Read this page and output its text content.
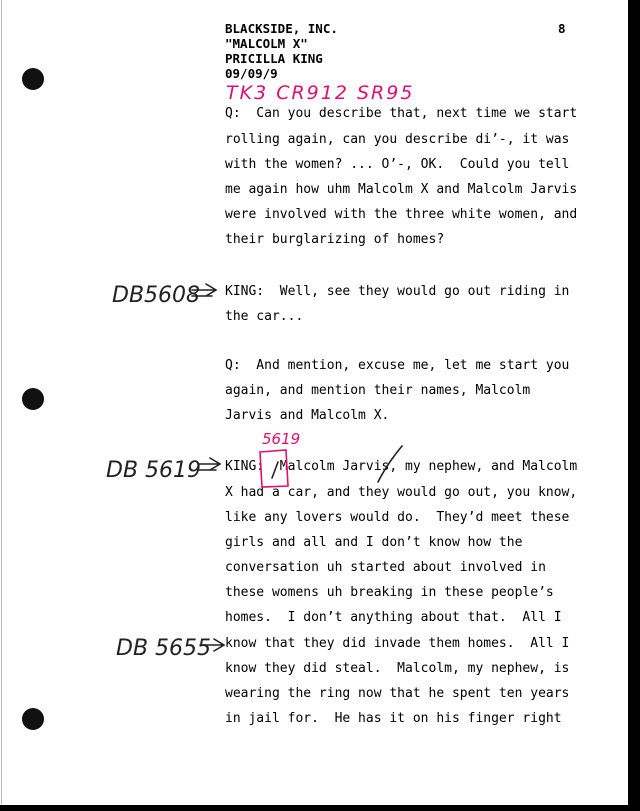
BLACKSIDE, INC.
"MALCOLM X"
PRICILLA KING
09/09/9
8
TK3 CR912 SR95
Q:  Can you describe that, next time we start
rolling again, can you describe di’-, it was
with the women? ... O’-, OK.  Could you tell
me again how uhm Malcolm X and Malcolm Jarvis
were involved with the three white women, and
their burglarizing of homes?
DB5608 KING:  Well, see they would go out riding in
the car...
Q:  And mention, excuse me, let me start you
again, and mention their names, Malcolm
Jarvis and Malcolm X.
5619
DB 5619 KING:  Malcolm Jarvis, my nephew, and Malcolm
X had a car, and they would go out, you know,
like any lovers would do.  They’d meet these
girls and all and I don’t know how the
conversation uh started about involved in
these womens uh breaking in these people’s
homes.  I don’t anything about that.  All I
DB 5655 know that they did invade them homes.  All I
know they did steal.  Malcolm, my nephew, is
wearing the ring now that he spent ten years
in jail for.  He has it on his finger right
